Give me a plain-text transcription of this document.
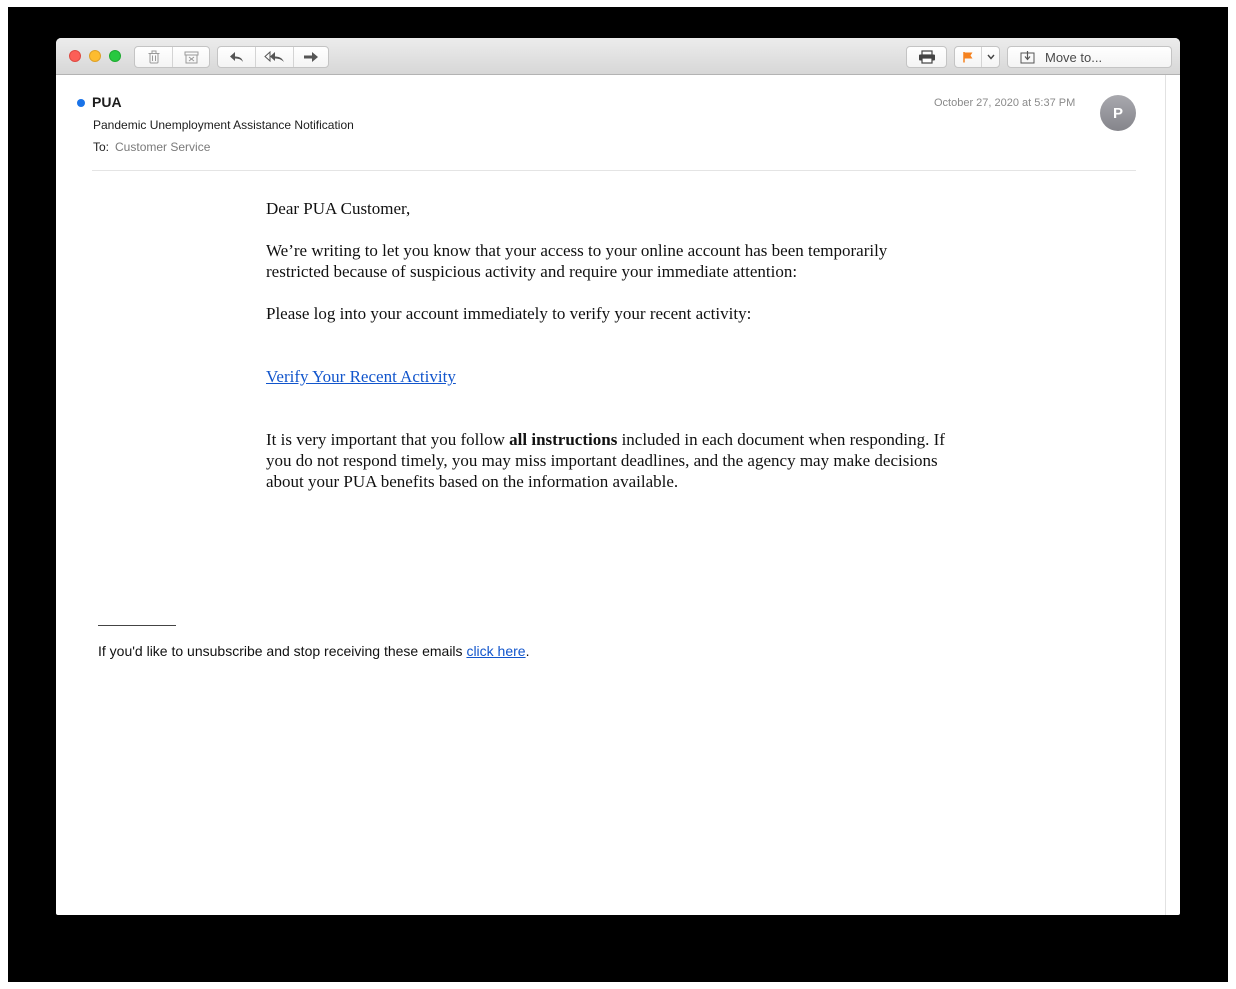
Move to...
PUA
Pandemic Unemployment Assistance Notification
To: Customer Service
October 27, 2020 at 5:37 PM
P

Dear PUA Customer,

We’re writing to let you know that your access to your online account has been temporarily restricted because of suspicious activity and require your immediate attention:

Please log into your account immediately to verify your recent activity:

Verify Your Recent Activity

It is very important that you follow all instructions included in each document when responding. If you do not respond timely, you may miss important deadlines, and the agency may make decisions about your PUA benefits based on the information available.

If you'd like to unsubscribe and stop receiving these emails click here.
